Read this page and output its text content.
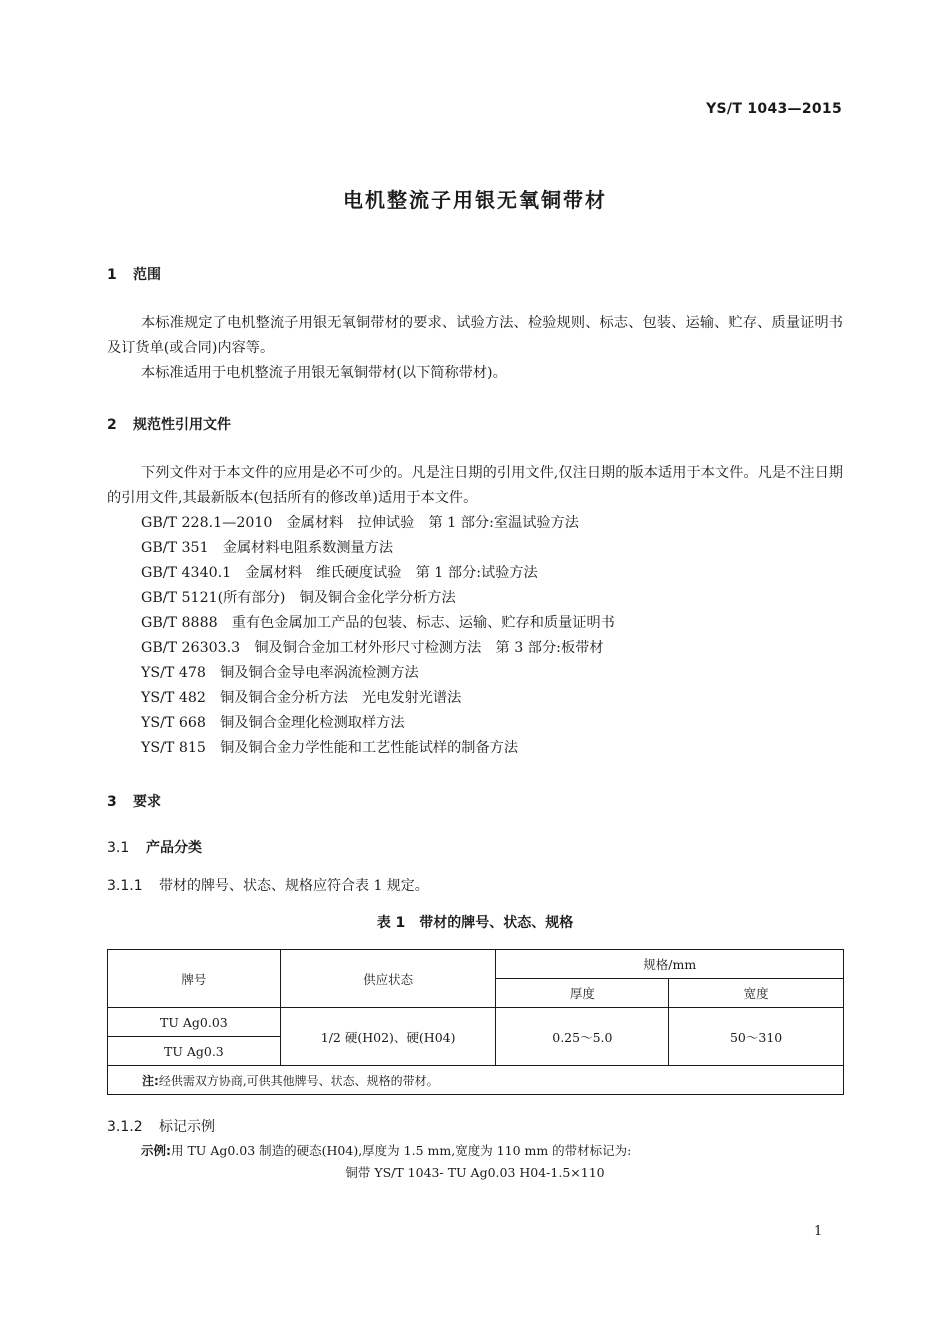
YS/T 1043—2015
电机整流子用银无氧铜带材
1 范围
本标准规定了电机整流子用银无氧铜带材的要求、试验方法、检验规则、标志、包装、运输、贮存、质量证明书及订货单(或合同)内容等。
本标准适用于电机整流子用银无氧铜带材(以下简称带材)。
2 规范性引用文件
下列文件对于本文件的应用是必不可少的。凡是注日期的引用文件,仅注日期的版本适用于本文件。凡是不注日期的引用文件,其最新版本(包括所有的修改单)适用于本文件。
GB/T 228.1—2010　金属材料　拉伸试验　第 1 部分:室温试验方法
GB/T 351　金属材料电阻系数测量方法
GB/T 4340.1　金属材料　维氏硬度试验　第 1 部分:试验方法
GB/T 5121(所有部分)　铜及铜合金化学分析方法
GB/T 8888　重有色金属加工产品的包装、标志、运输、贮存和质量证明书
GB/T 26303.3　铜及铜合金加工材外形尺寸检测方法　第 3 部分:板带材
YS/T 478　铜及铜合金导电率涡流检测方法
YS/T 482　铜及铜合金分析方法　光电发射光谱法
YS/T 668　铜及铜合金理化检测取样方法
YS/T 815　铜及铜合金力学性能和工艺性能试样的制备方法
3 要求
3.1 产品分类
3.1.1 带材的牌号、状态、规格应符合表 1 规定。
表 1　带材的牌号、状态、规格
牌号	供应状态	规格/mm	
		厚度	宽度
TU Ag0.03	1/2 硬(H02)、硬(H04)	0.25～5.0	50～310
TU Ag0.3			
注:经供需双方协商,可供其他牌号、状态、规格的带材。			
3.1.2 标记示例
示例:用 TU Ag0.03 制造的硬态(H04),厚度为 1.5 mm,宽度为 110 mm 的带材标记为:
铜带 YS/T 1043- TU Ag0.03 H04-1.5×110
1
